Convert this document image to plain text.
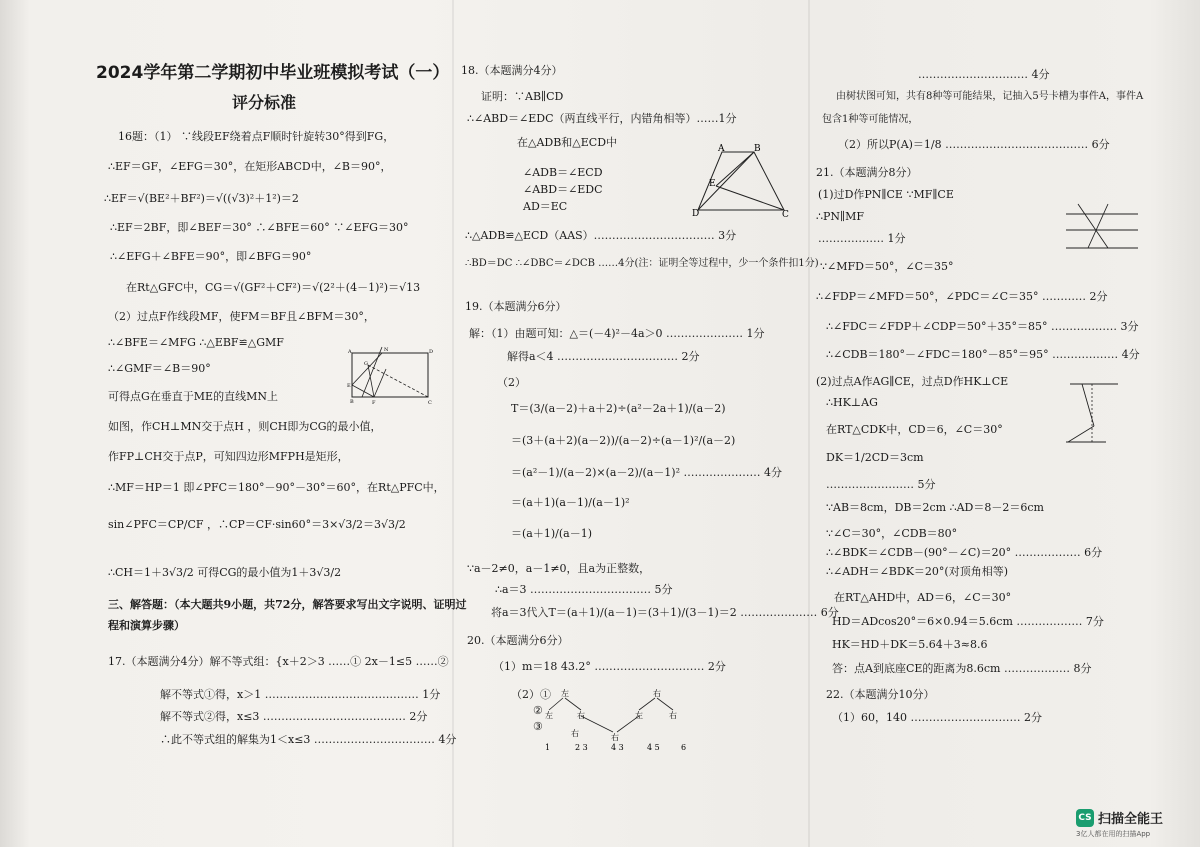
2024学年第二学期初中毕业班模拟考试（一）
评分标准
16题：（1） ∵线段EF绕着点F顺时针旋转30°得到FG，
∴EF＝GF，∠EFG＝30°，在矩形ABCD中，∠B＝90°，
∴EF＝√(BE²＋BF²)＝√((√3)²＋1²)＝2
∴EF＝2BF，即∠BEF＝30° ∴∠BFE＝60° ∵∠EFG＝30°
∴∠EFG＋∠BFE＝90°，即∠BFG＝90°
在Rt△GFC中，CG＝√(GF²＋CF²)＝√(2²＋(4－1)²)＝√13
（2）过点F作线段MF，使FM＝BF且∠BFM＝30°，
∴∠BFE＝∠MFG ∴△EBF≌△GMF
∴∠GMF＝∠B＝90°
可得点G在垂直于ME的直线MN上
如图，作CH⊥MN交于点H ，则CH即为CG的最小值，
作FP⊥CH交于点P，可知四边形MFPH是矩形，
∴MF＝HP＝1 即∠PFC＝180°－90°－30°＝60°，在Rt△PFC中，
sin∠PFC＝CP/CF ，∴CP＝CF·sin60°＝3×√3/2＝3√3/2
∴CH＝1＋3√3/2 可得CG的最小值为1＋3√3/2
三、解答题：（本大题共9小题，共72分，解答要求写出文字说明、证明过
程和演算步骤）
17.（本题满分4分）解不等式组：{x＋2＞3 ……① 2x－1≤5 ……②
解不等式①得，x＞1 …………………………………… 1分
解不等式②得，x≤3 ………………………………… 2分
∴此不等式组的解集为1＜x≤3 …………………………… 4分
N
A	D
E
G
B	F	C
18.（本题满分4分）
证明：∵AB∥CD
∴∠ABD＝∠EDC（两直线平行，内错角相等）……1分
在△ADB和△ECD中
∠ADB＝∠ECD
∠ABD＝∠EDC
AD＝EC
∴△ADB≌△ECD（AAS）…………………………… 3分
∴BD＝DC ∴∠DBC＝∠DCB ……4分(注：证明全等过程中，少一个条件扣1分)
19.（本题满分6分）
解：（1）由题可知：△＝(－4)²－4a＞0 ………………… 1分
解得a＜4 …………………………… 2分
（2）
T＝(3/(a－2)＋a＋2)÷(a²－2a＋1)/(a－2)
＝(3＋(a＋2)(a－2))/(a－2)÷(a－1)²/(a－2)
＝(a²－1)/(a－2)×(a－2)/(a－1)² ………………… 4分
＝(a＋1)(a－1)/(a－1)²
＝(a＋1)/(a－1)
∵a－2≠0，a－1≠0，且a为正整数，
∴a＝3 …………………………… 5分
将a＝3代入T＝(a＋1)/(a－1)＝(3＋1)/(3－1)＝2 ………………… 6分
20.（本题满分6分）
（1）m＝18 43.2° ………………………… 2分
（2）①
②
③
A	B
E
D	C
左	右
左	右	左	右
右	右
1	2 3	4 3	4 5	6
………………………… 4分
由树状图可知，共有8种等可能结果，记抽入5号卡槽为事件A，事件A
包含1种等可能情况，
（2）所以P(A)＝1/8 ………………………………… 6分
21.（本题满分8分）
(1)过D作PN∥CE ∵MF∥CE
∴PN∥MF
……………… 1分
∵∠MFD＝50°，∠C＝35°
∴∠FDP＝∠MFD＝50°，∠PDC＝∠C＝35° ………… 2分
∴∠FDC＝∠FDP＋∠CDP＝50°＋35°＝85° ……………… 3分
∴∠CDB＝180°－∠FDC＝180°－85°＝95° ……………… 4分
(2)过点A作AG∥CE，过点D作HK⊥CE
∴HK⊥AG
在RT△CDK中，CD＝6，∠C＝30°
DK＝1/2CD＝3cm
…………………… 5分
∵AB＝8cm，DB＝2cm ∴AD＝8－2＝6cm
∵∠C＝30°，∠CDB＝80°
∴∠BDK＝∠CDB－(90°－∠C)＝20° ……………… 6分
∴∠ADH＝∠BDK＝20°(对顶角相等)
在RT△AHD中，AD＝6，∠C＝30°
HD＝ADcos20°＝6×0.94＝5.6cm ……………… 7分
HK＝HD＋DK＝5.64＋3≈8.6
答：点A到底座CE的距离为8.6cm ……………… 8分
22.（本题满分10分）
（1）60，140 ………………………… 2分
CS 扫描全能王
3亿人都在用的扫描App
